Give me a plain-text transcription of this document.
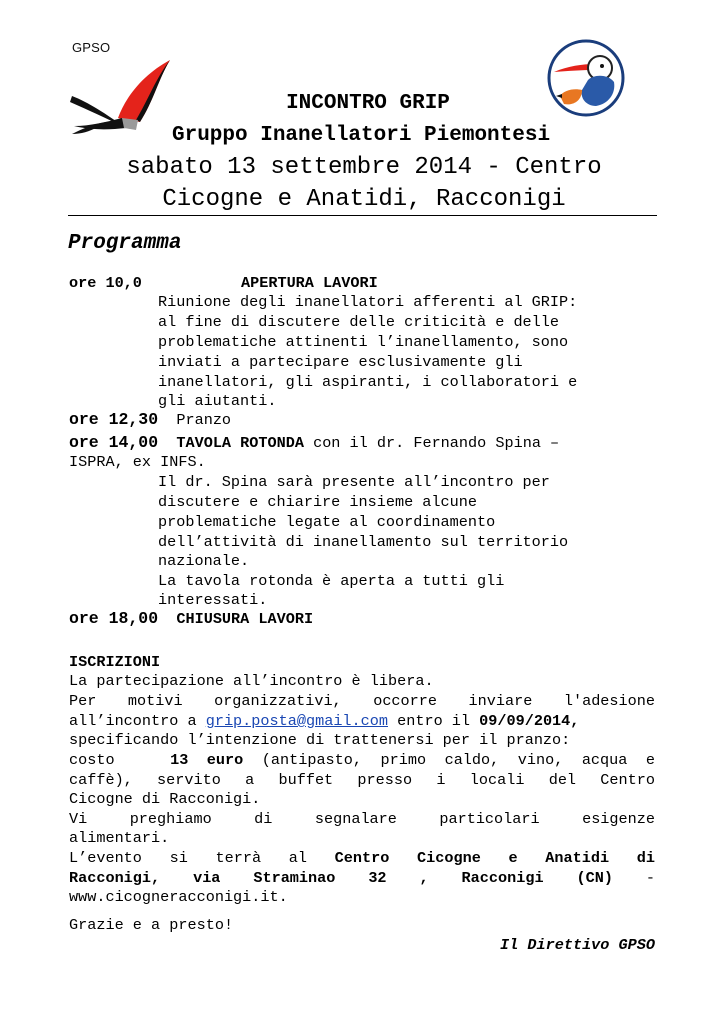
GPSO
INCONTRO GRIP
Gruppo Inanellatori Piemontesi
sabato 13 settembre 2014 - Centro
Cicogne e Anatidi, Racconigi
Programma
ore 10,0	APERTURA LAVORI
Riunione degli inanellatori afferenti al GRIP:
al fine di discutere delle criticità e delle
problematiche attinenti l’inanellamento, sono
inviati a partecipare esclusivamente gli
inanellatori, gli aspiranti, i collaboratori e
gli aiutanti.
ore 12,30 Pranzo
ore 14,00 TAVOLA ROTONDA con il dr. Fernando Spina –
ISPRA, ex INFS.
Il dr. Spina sarà presente all’incontro per
discutere e chiarire insieme alcune
problematiche legate al coordinamento
dell’attività di inanellamento sul territorio
nazionale.
La tavola rotonda è aperta a tutti gli
interessati.
ore 18,00 CHIUSURA LAVORI
ISCRIZIONI
La partecipazione all’incontro è libera.
Per motivi organizzativi, occorre inviare l'adesione
all’incontro a grip.posta@gmail.com entro il 09/09/2014,
specificando l’intenzione di trattenersi per il pranzo:
costo   13 euro (antipasto, primo caldo, vino, acqua e
caffè), servito a buffet presso i locali del Centro
Cicogne di Racconigi.
Vi preghiamo di segnalare particolari esigenze
alimentari.
L’evento si terrà al Centro Cicogne e Anatidi di
Racconigi, via Straminao 32 , Racconigi (CN) -
www.cicogneracconigi.it.
Grazie e a presto!
Il Direttivo GPSO
